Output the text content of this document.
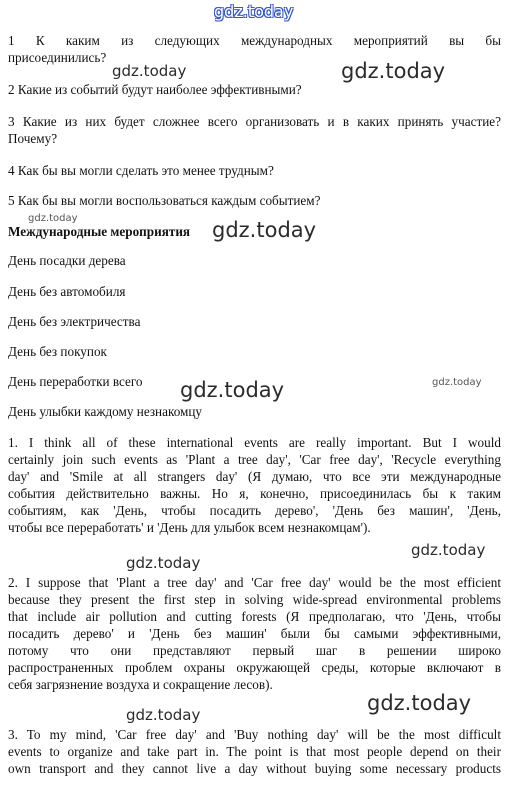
1 К каким из следующих международных мероприятий вы бы
присоединились?
2 Какие из событий будут наиболее эффективными?
3 Какие из них будет сложнее всего организовать и в каких принять участие?
Почему?
4 Как бы вы могли сделать это менее трудным?
5 Как бы вы могли воспользоваться каждым событием?
Международные мероприятия
День посадки дерева
День без автомобиля
День без электричества
День без покупок
День переработки всего
День улыбки каждому незнакомцу
1. I think all of these international events are really important. But I would
certainly join such events as 'Plant a tree day', 'Car free day', 'Recycle everything
day' and 'Smile at all strangers day' (Я думаю, что все эти международные
события действительно важны. Но я, конечно, присоединилась бы к таким
событиям, как 'День, чтобы посадить дерево', 'День без машин', 'День,
чтобы все переработать' и 'День для улыбок всем незнакомцам').
2. I suppose that 'Plant a tree day' and 'Car free day' would be the most efficient
because they present the first step in solving wide-spread environmental problems
that include air pollution and cutting forests (Я предполагаю, что 'День, чтобы
посадить дерево' и 'День без машин' были бы самыми эффективными,
потому что они представляют первый шаг в решении широко
распространенных проблем охраны окружающей среды, которые включают в
себя загрязнение воздуха и сокращение лесов).
3. To my mind, 'Car free day' and 'Buy nothing day' will be the most difficult
events to organize and take part in. The point is that most people depend on their
own transport and they cannot live a day without buying some necessary products
gdz.today
gdz.today	gdz.today
gdz.today	gdz.today
gdz.today	gdz.today
gdz.today
gdz.today
gdz.today
gdz.today
